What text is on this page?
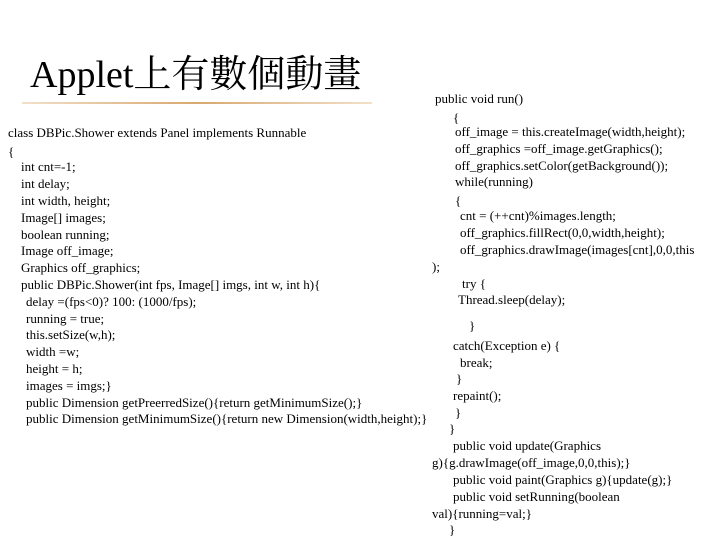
Applet上有數個動畫
class DBPic.Shower extends Panel implements Runnable
{
int cnt=-1;
int delay;
int width, height;
Image[] images;
boolean running;
Image off_image;
Graphics off_graphics;
public DBPic.Shower(int fps, Image[] imgs, int w, int h){
delay =(fps<0)? 100: (1000/fps);
running = true;
this.setSize(w,h);
width =w;
height = h;
images = imgs;}
public Dimension getPreerredSize(){return getMinimumSize();}
public Dimension getMinimumSize(){return new Dimension(width,height);}
public void run()
{
off_image = this.createImage(width,height);
off_graphics =off_image.getGraphics();
off_graphics.setColor(getBackground());
while(running)
{
cnt = (++cnt)%images.length;
off_graphics.fillRect(0,0,width,height);
off_graphics.drawImage(images[cnt],0,0,this
);
try {
Thread.sleep(delay);
}
catch(Exception e) {
break;
}
repaint();
}
}
public void update(Graphics
g){g.drawImage(off_image,0,0,this);}
public void paint(Graphics g){update(g);}
public void setRunning(boolean
val){running=val;}
}
